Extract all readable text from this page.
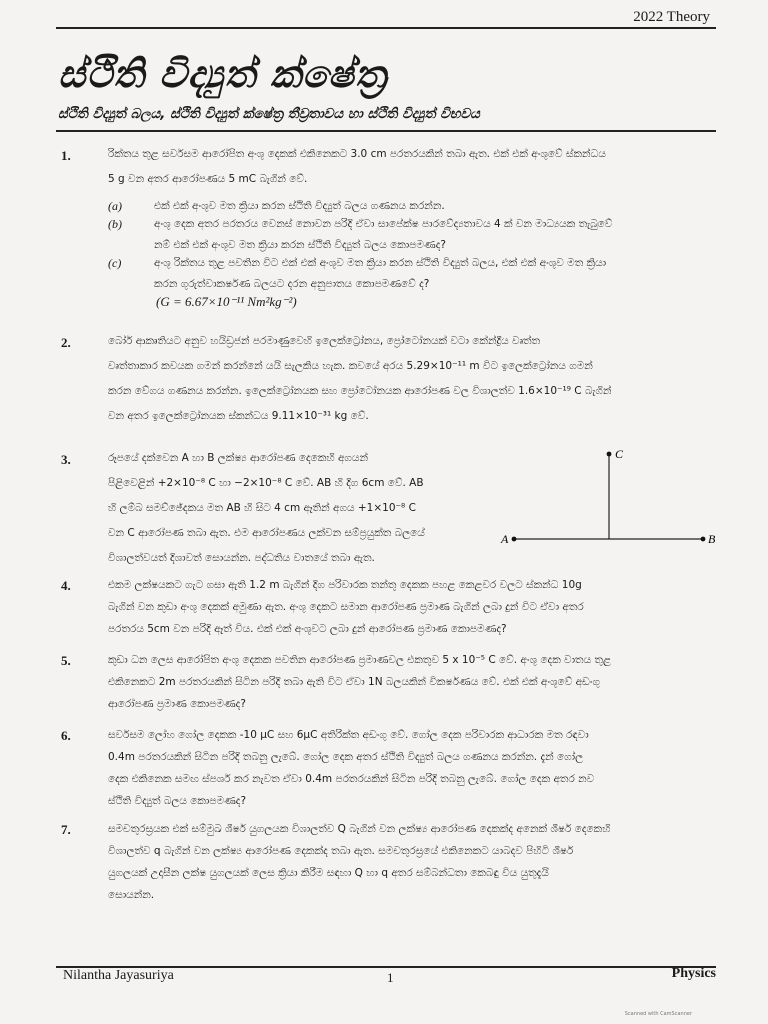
2022 Theory
ස්ථිති විද්‍යුත් ක්ෂේත්‍ර
ස්ථිති විද්‍යුත් බලය, ස්ථිති විද්‍යුත් ක්ෂේත්‍ර තීව්‍රතාවය හා ස්ථිති විද්‍යුත් විභවය
1.	රික්තය තුළ සර්වසම ආරෝපිත අංශු දෙකක් එකිනෙකට 3.0 cm පරතරයකින් තබා ඇත. එක් එක් අංශුවේ ස්කන්ධය
5 g වන අතර ආරෝපණය 5 mC බැගින් වේ.
(a)	එක් එක් අංශුව මත ක්‍රියා කරන ස්ථිති විද්‍යුත් බලය ගණනය කරන්න.
(b)	අංශු දෙක අතර පරතරය වෙනස් නොවන පරිදි ඒවා සාපේක්ෂ පාරවේද්‍යතාවය 4 ක් වන මාධ්‍යයක තැබුවේ
නම් එක් එක් අංශුව මත ක්‍රියා කරන ස්ථිති විද්‍යුත් බලය කොපමණද?
(c)	අංශු රික්තය තුළ පවතින විට එක් එක් අංශුව මත ක්‍රියා කරන ස්ථිති විද්‍යුත් බලය, එක් එක් අංශුව මත ක්‍රියා
කරන ගුරුත්වාකර්ෂණ බලයට දරන අනුපාතය කොපමණවේ ද?
(G = 6.67×10⁻¹¹ Nm²kg⁻²)
2.	බෝර් ආකෘතියට අනුව හයිඩ්‍රජන් පරමාණුවෙහි ඉලෙක්ට්‍රෝනය, ප්‍රෝටෝනයක් වටා කේන්ද්‍රීය වෘත්ත
වෘත්තාකාර කවයක ගමන් කරන්නේ යයි සැලකිය හැක. කවයේ අරය 5.29×10⁻¹¹ m විට ඉලෙක්ට්‍රෝනය ගමන්
කරන වේගය ගණනය කරන්න. ඉලෙක්ට්‍රෝනයක සහ ප්‍රෝටෝනයක ආරෝපණ වල විශාලත්ව 1.6×10⁻¹⁹ C බැගින්
වන අතර ඉලෙක්ට්‍රෝනයක ස්කන්ධය 9.11×10⁻³¹ kg වේ.
3.	රූපයේ දක්වෙන A හා B ලක්ෂ්‍ය ආරෝපණ දෙකෙහි අගයන්
පිළිවෙළින් +2×10⁻⁸ C හා −2×10⁻⁸ C වේ. AB හි දිග 6cm වේ. AB
හි ලම්බ සමච්ඡේදකය මත AB හි සිට 4 cm ඈතින් අගය +1×10⁻⁸ C
වන C ආරෝපණ තබා ඇත. එම ආරෝපණය ලක්වන සම්ප්‍රයුක්ත බලයේ
විශාලත්වයත් දිශාවත් සොයන්න. පද්ධතිය වාතයේ තබා ඇත.
A	B
C
4.	එකම ලක්ෂයකට ගැට ගසා ඇති 1.2 m බැගින් දිග පරිවාරක තන්තු දෙකක පහළ කෙළවර වලට ස්කන්ධ 10g
බැගින් වන කුඩා අංශු දෙකක් අමුණා ඇත. අංශු දෙකට සමාන ආරෝපණ ප්‍රමාණ බැගින් ලබා දුන් විට ඒවා අතර
පරතරය 5cm වන පරිදි ඈත් විය. එක් එක් අංශුවට ලබා දුන් ආරෝපණ ප්‍රමාණ කොපමණද?
5.	කුඩා ධන ලෙස ආරෝපිත අංශු දෙකක පවතින ආරෝපණ ප්‍රමාණවල එකතුව 5 x 10⁻⁵ C වේ. අංශු දෙක වාතය තුළ
එකිනෙකට 2m පරතරයකින් සිටින පරිදි තබා ඇති විට ඒවා 1N බලයකින් විකර්ෂණය වේ. එක් එක් අංශුවේ අඩංගු
ආරෝපණ ප්‍රමාණ කොපමණද?
6.	සර්වසම ලෝහ ගෝල දෙකක -10 µC සහ 6µC අතිරික්ත අඩංගු වේ. ගෝල දෙක පරිවාරක ආධාරක මත රඳවා
0.4m පරතරයකින් සිටින පරිදි තබනු ලැබේ. ගෝල දෙක අතර ස්ථිති විද්‍යුත් බලය ගණනය කරන්න. දැන් ගෝල
දෙක එකිනෙක සමඟ ස්පර්ශ කර නැවත ඒවා 0.4m පරතරයකින් සිටින පරිදි තබනු ලැබේ. ගෝල දෙක අතර නව
ස්ථිති විද්‍යුත් බලය කොපමණද?
7.	සමචතුරස්‍රයක එක් සම්මුඛ ශීර්ෂ යුගලයක විශාලත්ව Q බැගින් වන ලක්ෂ්‍ය ආරෝපණ දෙකක්ද අනෙක් ශීර්ෂ දෙකෙහි
විශාලත්ව q බැගින් වන ලක්ෂ්‍ය ආරෝපණ දෙකක්ද තබා ඇත. සමචතුරස්‍රයේ එකිනෙකට යාබදව පිහිටි ශීර්ෂ
යුගලයක් උදාසීන ලක්ෂ යුගලයක් ලෙස ක්‍රියා කිරීම සඳහා Q හා q අතර සම්බන්ධතා කෙබඳු විය යුතුදැයි
සොයන්න.
Nilantha Jayasuriya	1	Physics
Scanned with CamScanner
